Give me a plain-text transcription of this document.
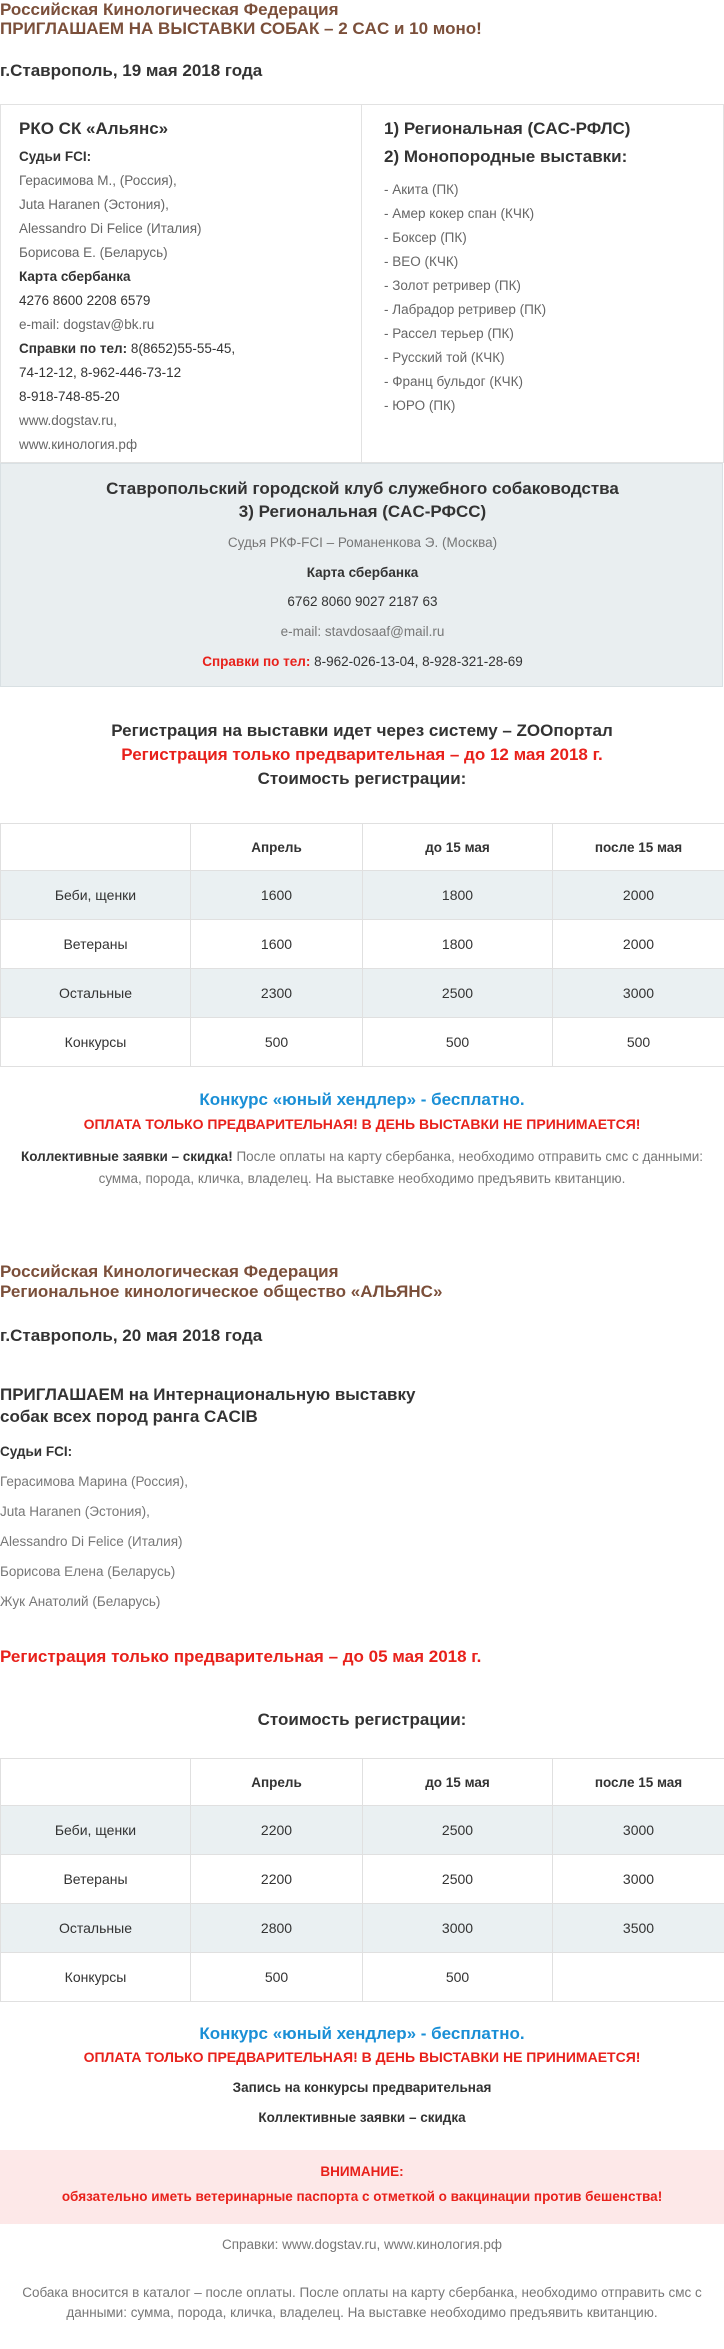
Российская Кинологическая Федерация
ПРИГЛАШАЕМ НА ВЫСТАВКИ СОБАК – 2 CAC и 10 моно!
г.Ставрополь, 19 мая 2018 года
РКО СК «Альянс»
Судьи FCI:
Герасимова М., (Россия),
Juta Haranen (Эстония),
Alessandro Di Felice (Италия)
Борисова Е. (Беларусь)
Карта сбербанка
4276 8600 2208 6579
e-mail: dogstav@bk.ru
Справки по тел: 8(8652)55-55-45,
74-12-12, 8-962-446-73-12
8-918-748-85-20
www.dogstav.ru,
www.кинология.рф
1) Региональная (CAC-РФЛС)
2) Монопородные выставки:
- Акита (ПК)
- Амер кокер спан (КЧК)
- Боксер (ПК)
- ВЕО (КЧК)
- Золот ретривер (ПК)
- Лабрадор ретривер (ПК)
- Рассел терьер (ПК)
- Русский той (КЧК)
- Франц бульдог (КЧК)
- ЮРО (ПК)
Ставропольский городской клуб служебного собаководства
3) Региональная (CAC-РФСС)
Судья РКФ-FCI – Романенкова Э. (Москва)
Карта сбербанка
6762 8060 9027 2187 63
e-mail: stavdosaaf@mail.ru
Справки по тел: 8-962-026-13-04, 8-928-321-28-69
Регистрация на выставки идет через систему – ZOOпортал
Регистрация только предварительная – до 12 мая 2018 г.
Стоимость регистрации:
	Апрель	до 15 мая	после 15 мая
Беби, щенки	1600	1800	2000
Ветераны	1600	1800	2000
Остальные	2300	2500	3000
Конкурсы	500	500	500
Конкурс «юный хендлер» - бесплатно.
ОПЛАТА ТОЛЬКО ПРЕДВАРИТЕЛЬНАЯ! В ДЕНЬ ВЫСТАВКИ НЕ ПРИНИМАЕТСЯ!
Коллективные заявки – скидка! После оплаты на карту сбербанка, необходимо отправить смс с данными: сумма, порода, кличка, владелец. На выставке необходимо предъявить квитанцию.
Российская Кинологическая Федерация
Региональное кинологическое общество «АЛЬЯНС»
г.Ставрополь, 20 мая 2018 года
ПРИГЛАШАЕМ на Интернациональную выставку
собак всех пород ранга CACIB
Судьи FCI:
Герасимова Марина (Россия),
Juta Haranen (Эстония),
Alessandro Di Felice (Италия)
Борисова Елена (Беларусь)
Жук Анатолий (Беларусь)
Регистрация только предварительная – до 05 мая 2018 г.
Стоимость регистрации:
	Апрель	до 15 мая	после 15 мая
Беби, щенки	2200	2500	3000
Ветераны	2200	2500	3000
Остальные	2800	3000	3500
Конкурсы	500	500	
Конкурс «юный хендлер» - бесплатно.
ОПЛАТА ТОЛЬКО ПРЕДВАРИТЕЛЬНАЯ! В ДЕНЬ ВЫСТАВКИ НЕ ПРИНИМАЕТСЯ!
Запись на конкурсы предварительная
Коллективные заявки – скидка
ВНИМАНИЕ:
обязательно иметь ветеринарные паспорта с отметкой о вакцинации против бешенства!
Справки: www.dogstav.ru, www.кинология.рф
Собака вносится в каталог – после оплаты. После оплаты на карту сбербанка, необходимо отправить смс с данными: сумма, порода, кличка, владелец. На выставке необходимо предъявить квитанцию.
